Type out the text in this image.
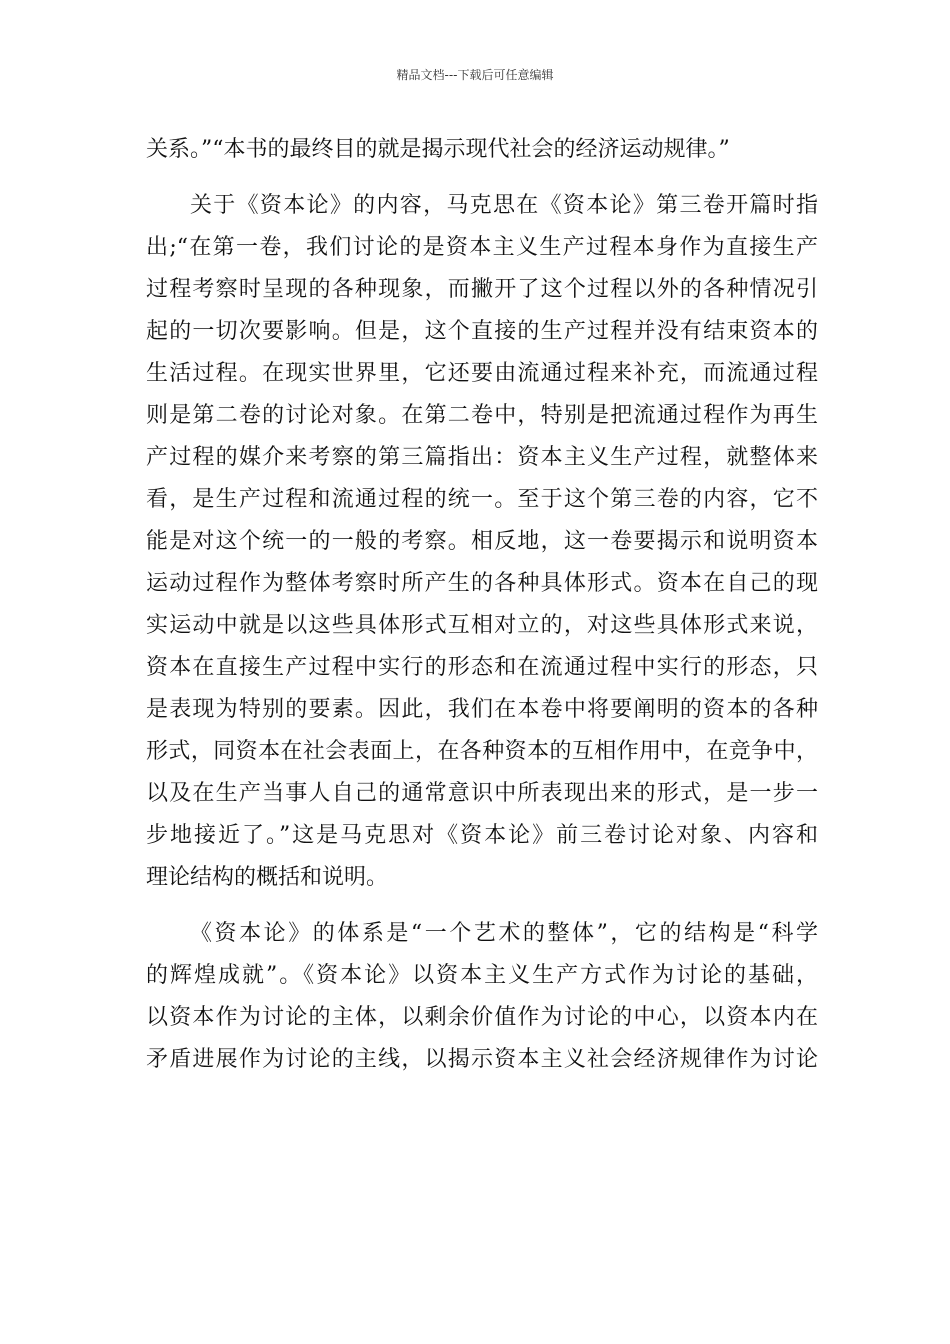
精品文档---下载后可任意编辑
关系。”“本书的最终目的就是揭示现代社会的经济运动规律。”
关于《资本论》的内容，马克思在《资本论》第三卷开篇时指
出;“在第一卷，我们讨论的是资本主义生产过程本身作为直接生产
过程考察时呈现的各种现象，而撇开了这个过程以外的各种情况引
起的一切次要影响。但是，这个直接的生产过程并没有结束资本的
生活过程。在现实世界里，它还要由流通过程来补充，而流通过程
则是第二卷的讨论对象。在第二卷中，特别是把流通过程作为再生
产过程的媒介来考察的第三篇指出：资本主义生产过程，就整体来
看，是生产过程和流通过程的统一。至于这个第三卷的内容，它不
能是对这个统一的一般的考察。相反地，这一卷要揭示和说明资本
运动过程作为整体考察时所产生的各种具体形式。资本在自己的现
实运动中就是以这些具体形式互相对立的，对这些具体形式来说，
资本在直接生产过程中实行的形态和在流通过程中实行的形态，只
是表现为特别的要素。因此，我们在本卷中将要阐明的资本的各种
形式，同资本在社会表面上，在各种资本的互相作用中，在竞争中，
以及在生产当事人自己的通常意识中所表现出来的形式，是一步一
步地接近了。”这是马克思对《资本论》前三卷讨论对象、内容和
理论结构的概括和说明。
《资本论》的体系是“一个艺术的整体”，它的结构是“科学
的辉煌成就”。《资本论》以资本主义生产方式作为讨论的基础，
以资本作为讨论的主体，以剩余价值作为讨论的中心，以资本内在
矛盾进展作为讨论的主线，以揭示资本主义社会经济规律作为讨论
